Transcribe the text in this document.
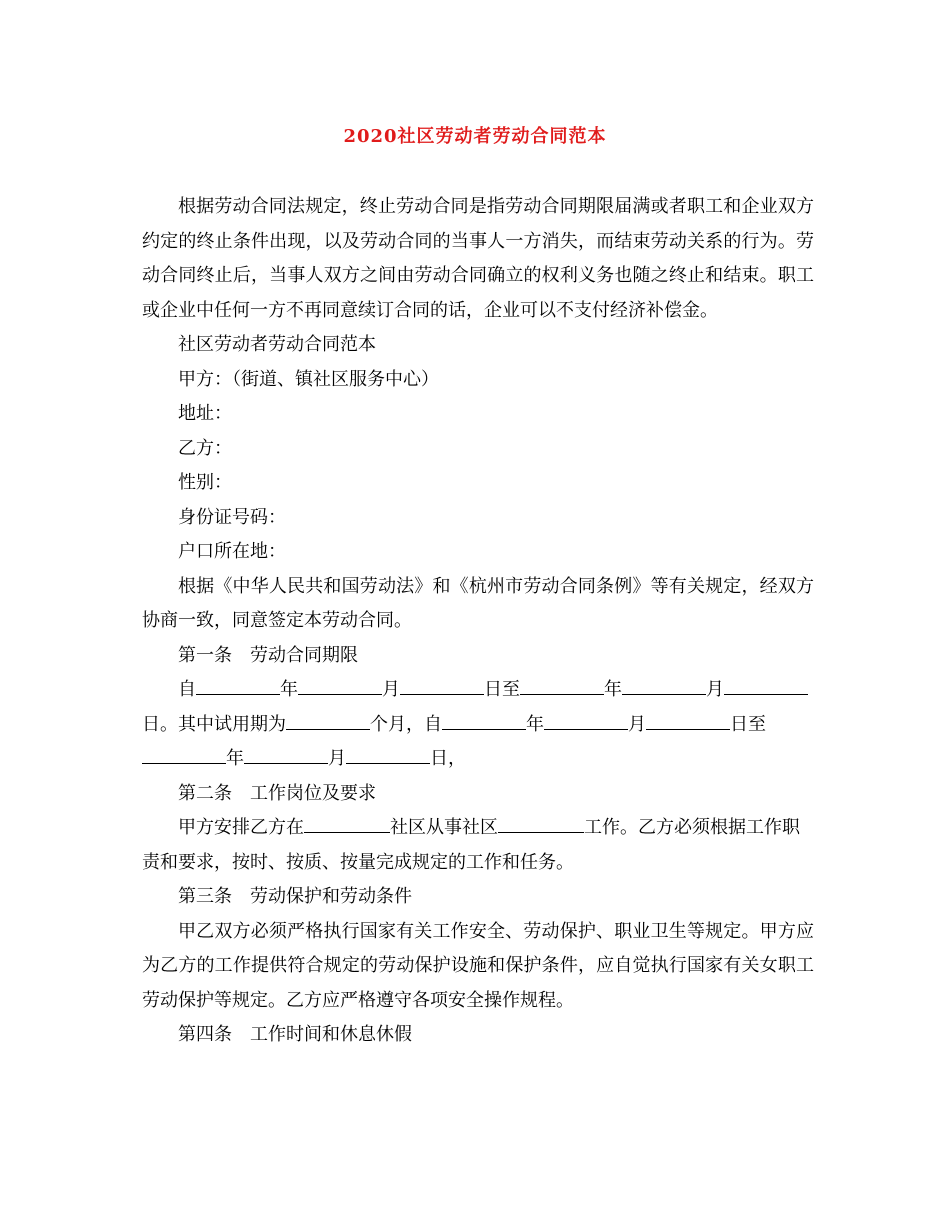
2020社区劳动者劳动合同范本

根据劳动合同法规定，终止劳动合同是指劳动合同期限届满或者职工和企业双方约定的终止条件出现，以及劳动合同的当事人一方消失，而结束劳动关系的行为。劳动合同终止后，当事人双方之间由劳动合同确立的权利义务也随之终止和结束。职工或企业中任何一方不再同意续订合同的话，企业可以不支付经济补偿金。

社区劳动者劳动合同范本

甲方：（街道、镇社区服务中心）

地址：

乙方：

性别：

身份证号码：

户口所在地：

根据《中华人民共和国劳动法》和《杭州市劳动合同条例》等有关规定，经双方协商一致，同意签定本劳动合同。

第一条 劳动合同期限

自	年	月	日至	年	月
日。其中试用期为	个月，自	年	月	日至
年	月	日，

第二条 工作岗位及要求

甲方安排乙方在	社区从事社区	工作。乙方必须根据工作职
责和要求，按时、按质、按量完成规定的工作和任务。

第三条 劳动保护和劳动条件

甲乙双方必须严格执行国家有关工作安全、劳动保护、职业卫生等规定。甲方应为乙方的工作提供符合规定的劳动保护设施和保护条件，应自觉执行国家有关女职工劳动保护等规定。乙方应严格遵守各项安全操作规程。

第四条 工作时间和休息休假
